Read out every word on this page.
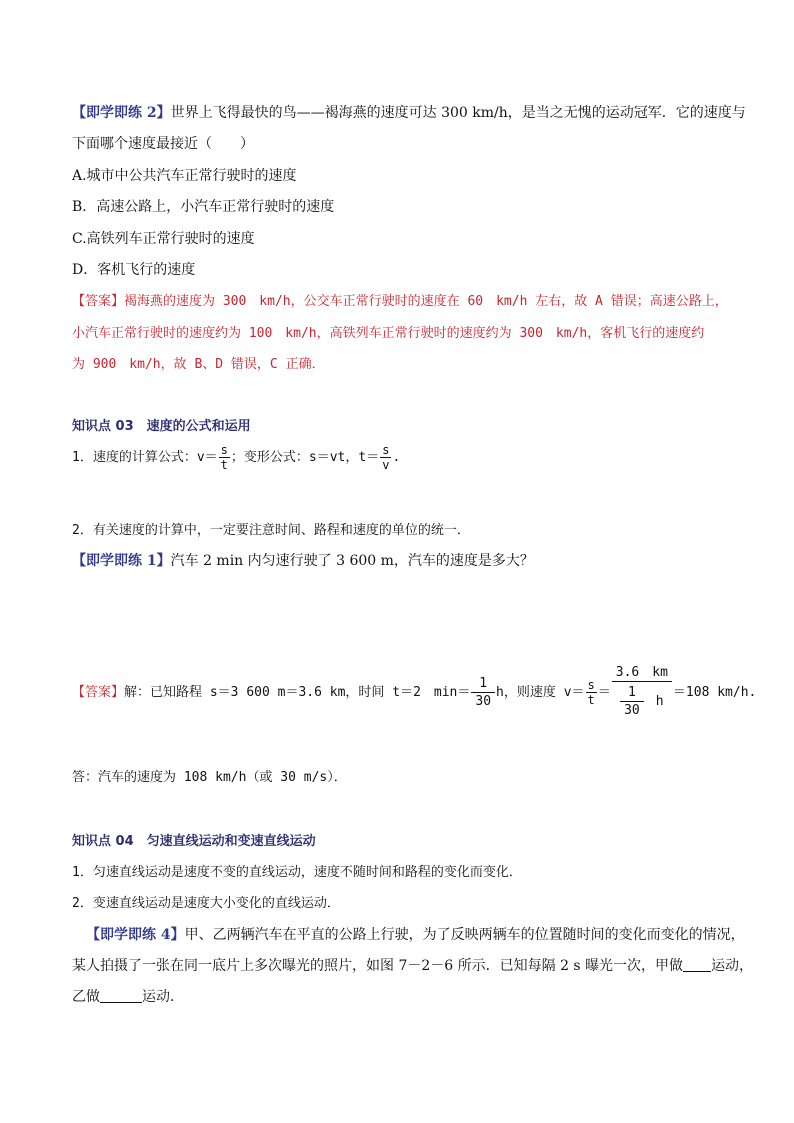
【即学即练 2】世界上飞得最快的鸟——褐海燕的速度可达 300 km/h，是当之无愧的运动冠军．它的速度与
下面哪个速度最接近（　　）
A.城市中公共汽车正常行驶时的速度
B．高速公路上，小汽车正常行驶时的速度
C.高铁列车正常行驶时的速度
D．客机飞行的速度
【答案】褐海燕的速度为 300　km/h，公交车正常行驶时的速度在 60　km/h 左右，故 A 错误；高速公路上，
小汽车正常行驶时的速度约为 100　km/h，高铁列车正常行驶时的速度约为 300　km/h，客机飞行的速度约
为 900　km/h，故 B、D 错误，C 正确．
知识点 03　速度的公式和运用
1．速度的计算公式：$v= \frac{s}{t}$ ；变形公式：s＝vt，$t= \frac{s}{v}$ .
2．有关速度的计算中，一定要注意时间、路程和速度的单位的统一．
【即学即练 1】汽车 2 min 内匀速行驶了 3 600 m，汽车的速度是多大？
【答案】解：已知路程 s＝3 600 m＝3.6 km，时间 t＝2　$\min= \frac{1}{30}$ h，则速度 $v= \frac{s}{t} = \frac{3.6 km}{\frac{1}{30} h} =108$ km/h.
答：汽车的速度为 108 km/h（或 30 m/s）．
知识点 04　匀速直线运动和变速直线运动
1．匀速直线运动是速度不变的直线运动，速度不随时间和路程的变化而变化．
2．变速直线运动是速度大小变化的直线运动．
【即学即练 4】甲、乙两辆汽车在平直的公路上行驶，为了反映两辆车的位置随时间的变化而变化的情况，
某人拍摄了一张在同一底片上多次曝光的照片，如图 7－2－6 所示．已知每隔 2 s 曝光一次，甲做 运动，
乙做	运动．
